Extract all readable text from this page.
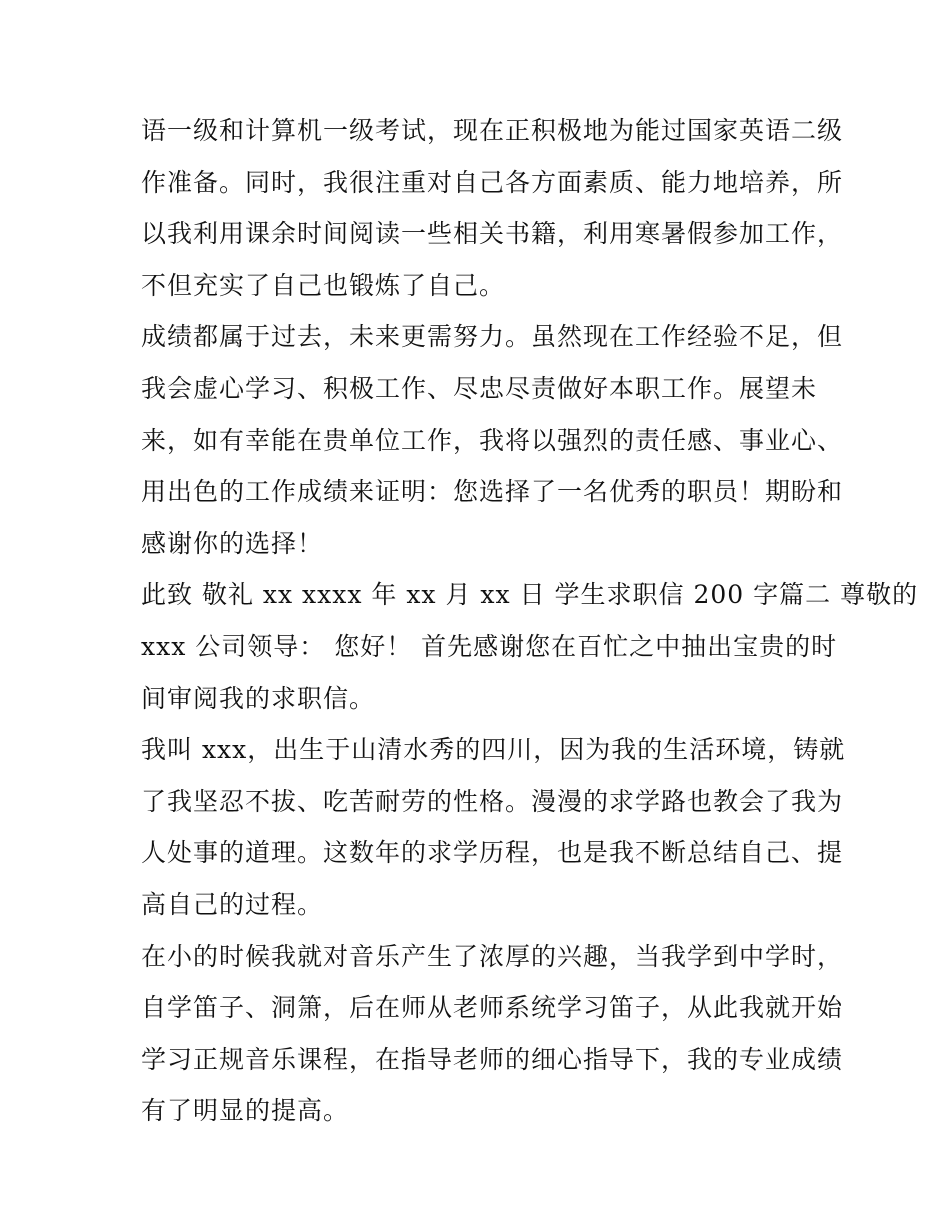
语一级和计算机一级考试，现在正积极地为能过国家英语二级
作准备。同时，我很注重对自己各方面素质、能力地培养，所
以我利用课余时间阅读一些相关书籍，利用寒暑假参加工作，
不但充实了自己也锻炼了自己。
成绩都属于过去，未来更需努力。虽然现在工作经验不足，但
我会虚心学习、积极工作、尽忠尽责做好本职工作。展望未
来，如有幸能在贵单位工作，我将以强烈的责任感、事业心、
用出色的工作成绩来证明：您选择了一名优秀的职员！期盼和
感谢你的选择！
此致 敬礼 xx xxxx 年 xx 月 xx 日 学生求职信 200 字篇二 尊敬的
xxx 公司领导： 您好！ 首先感谢您在百忙之中抽出宝贵的时
间审阅我的求职信。
我叫 xxx，出生于山清水秀的四川，因为我的生活环境，铸就
了我坚忍不拔、吃苦耐劳的性格。漫漫的求学路也教会了我为
人处事的道理。这数年的求学历程，也是我不断总结自己、提
高自己的过程。
在小的时候我就对音乐产生了浓厚的兴趣，当我学到中学时，
自学笛子、洞箫，后在师从老师系统学习笛子，从此我就开始
学习正规音乐课程，在指导老师的细心指导下，我的专业成绩
有了明显的提高。
